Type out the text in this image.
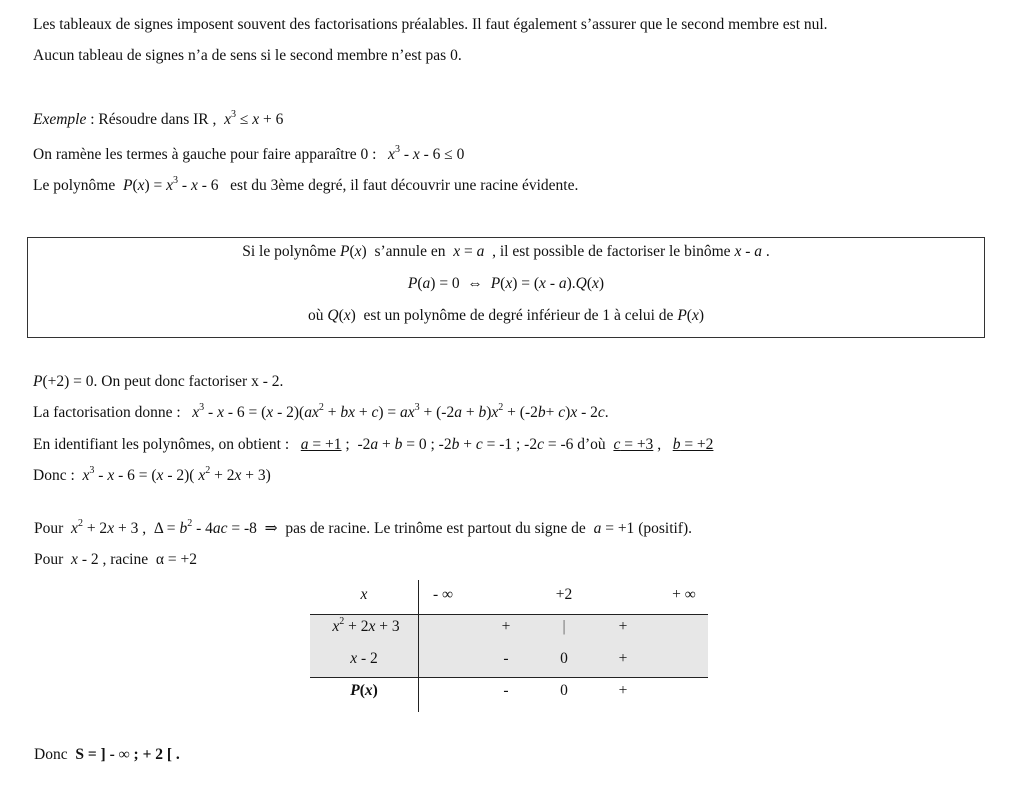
Les tableaux de signes imposent souvent des factorisations préalables. Il faut également s’assurer que le second membre est nul.
Aucun tableau de signes n’a de sens si le second membre n’est pas 0.
Exemple : Résoudre dans IR , $x^3 \le x + 6$
On ramène les termes à gauche pour faire apparaître 0 : $x^3 - x - 6 \le 0$
Le polynôme $P(x) = x^3 - x - 6$ est du 3ème degré, il faut découvrir une racine évidente.
Si le polynôme P(x)  s’annule en x = a , il est possible de factoriser le binôme x - a .
P(a) = 0  ⇔  P(x) = (x - a).Q(x)
où Q(x)  est un polynôme de degré inférieur de 1 à celui de P(x)
P(+2) = 0. On peut donc factoriser x - 2.
La factorisation donne : $x^3 - x - 6 = (x - 2)(ax^2$ + bx + $c) = ax^3 + (-2a + b)x^2 + (-2b+ c)x - 2c$.
En identifiant les polynômes, on obtient : a = +1 ;  -2a + b = 0 ; -2b + c = -1 ; -2c = -6 d’où  c = +3 ,   b = +2
Donc : $x^3 - x - 6 = (x - 2)$( $x^2 + 2x + 3$)
Pour $x^2 + 2x + 3$ ,  $\Delta = b^2 - 4ac = -8$  ⇒  pas de racine. Le trinôme est partout du signe de a = +1 (positif).
Pour x - 2 , racine  α = +2
x	- ∞	+2	+ ∞
$x^2 + 2x + 3$	+	|	+
x - 2	-	0	+
P(x)	-	0	+
Donc S = ] - ∞ ; + 2 [ .
